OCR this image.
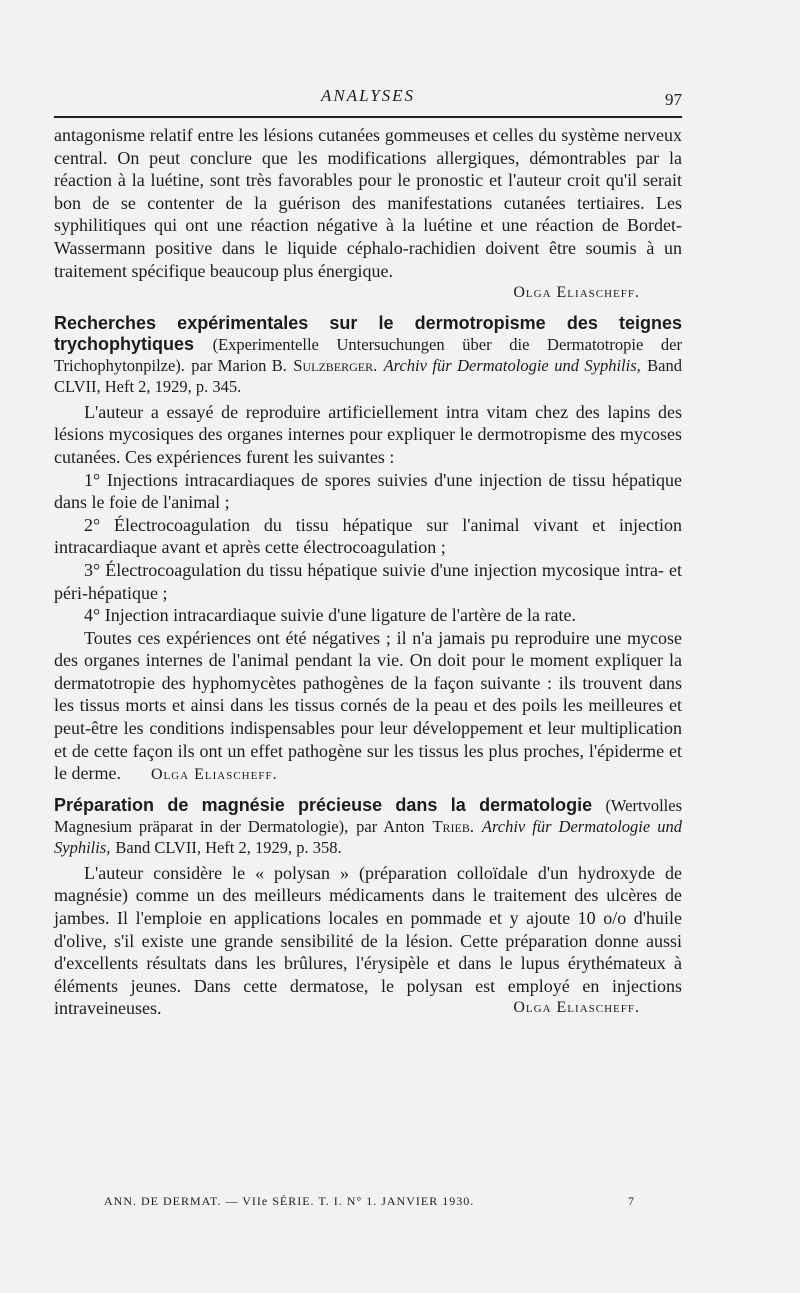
ANALYSES	97

antagonisme relatif entre les lésions cutanées gommeuses et celles du système nerveux central. On peut conclure que les modifications allergiques, démontrables par la réaction à la luétine, sont très favorables pour le pronostic et l'auteur croit qu'il serait bon de se contenter de la guérison des manifestations cutanées tertiaires. Les syphilitiques qui ont une réaction négative à la luétine et une réaction de Bordet-Wassermann positive dans le liquide céphalo-rachidien doivent être soumis à un traitement spécifique beaucoup plus énergique.

Olga Eliascheff.
Recherches expérimentales sur le dermotropisme des teignes trychophytiques (Experimentelle Untersuchungen über die Dermatotropie der Trichophytonpilze). par Marion B. Sulzberger. Archiv für Dermatologie und Syphilis, Band CLVII, Heft 2, 1929, p. 345.

L'auteur a essayé de reproduire artificiellement intra vitam chez des lapins des lésions mycosiques des organes internes pour expliquer le dermotropisme des mycoses cutanées. Ces expériences furent les suivantes :

1° Injections intracardiaques de spores suivies d'une injection de tissu hépatique dans le foie de l'animal ;

2° Électrocoagulation du tissu hépatique sur l'animal vivant et injection intracardiaque avant et après cette électrocoagulation ;

3° Électrocoagulation du tissu hépatique suivie d'une injection mycosique intra- et péri-hépatique ;

4° Injection intracardiaque suivie d'une ligature de l'artère de la rate.

Toutes ces expériences ont été négatives ; il n'a jamais pu reproduire une mycose des organes internes de l'animal pendant la vie. On doit pour le moment expliquer la dermatotropie des hyphomycètes pathogènes de la façon suivante : ils trouvent dans les tissus morts et ainsi dans les tissus cornés de la peau et des poils les meilleures et peut-être les conditions indispensables pour leur développement et leur multiplication et de cette façon ils ont un effet pathogène sur les tissus les plus proches, l'épiderme et le derme. Olga Eliascheff.

Préparation de magnésie précieuse dans la dermatologie (Wertvolles Magnesium präparat in der Dermatologie), par Anton Trieb. Archiv für Dermatologie und Syphilis, Band CLVII, Heft 2, 1929, p. 358.

L'auteur considère le « polysan » (préparation colloïdale d'un hydroxyde de magnésie) comme un des meilleurs médicaments dans le traitement des ulcères de jambes. Il l'emploie en applications locales en pommade et y ajoute 10 o/o d'huile d'olive, s'il existe une grande sensibilité de la lésion. Cette préparation donne aussi d'excellents résultats dans les brûlures, l'érysipèle et dans le lupus érythémateux à éléments jeunes. Dans cette dermatose, le polysan est employé en injections intraveineuses.	Olga Eliascheff.

ANN. DE DERMAT. — VIIe SÉRIE. T. I. N° 1. JANVIER 1930.	7
